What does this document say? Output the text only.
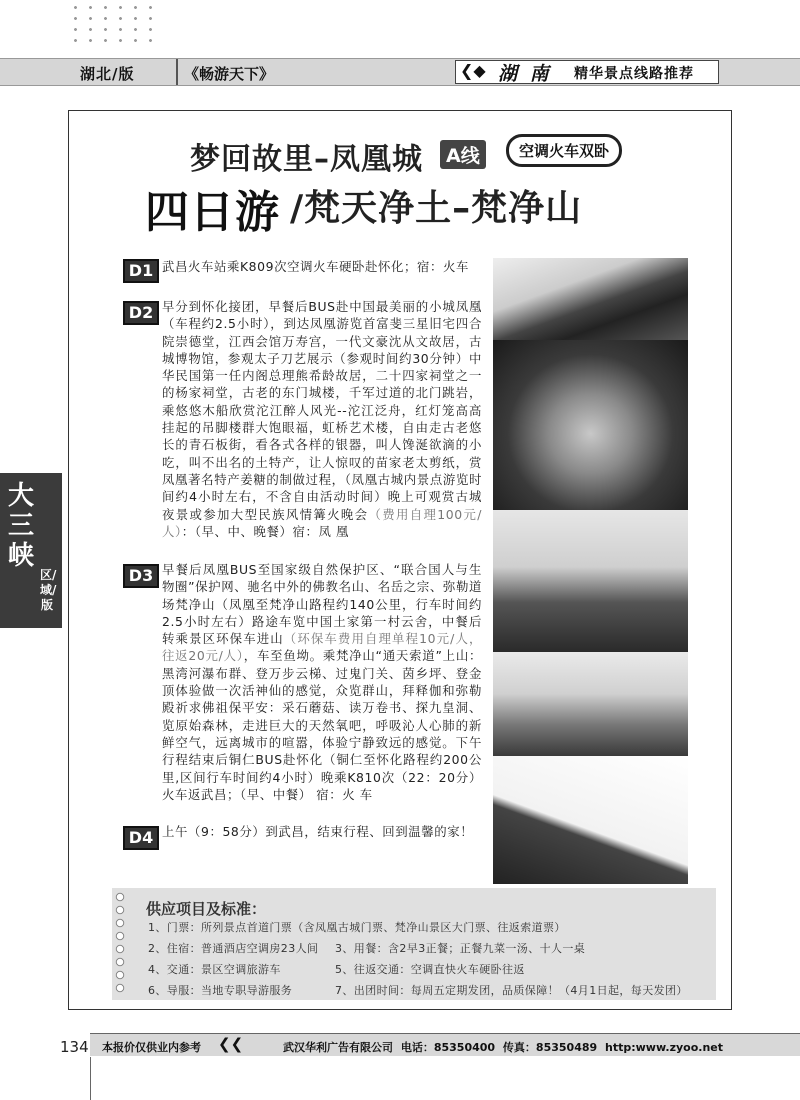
湖北/版	《畅游天下》	❮◆ 湖 南 精华景点线路推荐
梦回故里–凤凰城	A线	空调火车双卧
四日游 /梵天净土–梵净山
D1 武昌火车站乘K809次空调火车硬卧赴怀化；宿：火车
D2 早分到怀化接团，早餐后BUS赴中国最美丽的小城凤凰（车程约2.5小时），到达凤凰游览首富斐三星旧宅四合院崇德堂，江西会馆万寿宫，一代文豪沈从文故居，古城博物馆，参观太子刀艺展示（参观时间约30分钟）中华民国第一任内阁总理熊希龄故居，二十四家祠堂之一的杨家祠堂，古老的东门城楼，千军过道的北门跳岩，乘悠悠木船欣赏沱江醉人风光--沱江泛舟，红灯笼高高挂起的吊脚楼群大饱眼福，虹桥艺术楼，自由走古老悠长的青石板街，看各式各样的银器，叫人馋涎欲滴的小吃，叫不出名的土特产，让人惊叹的苗家老太剪纸，赏凤凰著名特产姜糖的制做过程，（凤凰古城内景点游览时间约4小时左右，不含自由活动时间）晚上可观赏古城夜景或参加大型民族风情篝火晚会（费用自理100元/人）：（早、中、晚餐）宿：凤 凰
D3 早餐后凤凰BUS至国家级自然保护区、“联合国人与生物圈”保护网、驰名中外的佛教名山、名岳之宗、弥勒道场梵净山（凤凰至梵净山路程约140公里，行车时间约2.5小时左右）路途车览中国土家第一村云舍，中餐后转乘景区环保车进山（环保车费用自理单程10元/人，往返20元/人），车至鱼坳。乘梵净山“通天索道”上山：黑湾河瀑布群、登万步云梯、过鬼门关、茵乡坪、登金顶体验做一次活神仙的感觉，众览群山，拜释伽和弥勒殿祈求佛祖保平安：采石蘑菇、读万卷书、探九皇洞、览原始森林，走进巨大的天然氧吧，呼吸沁人心肺的新鲜空气，远离城市的喧嚣，体验宁静致远的感觉。下午行程结束后铜仁BUS赴怀化（铜仁至怀化路程约200公里,区间行车时间约4小时）晚乘K810次（22：20分）火车返武昌；（早、中餐） 宿：火 车
D4 上午（9：58分）到武昌，结束行程、回到温馨的家！
大三峡
区/域/版
供应项目及标准：
1、门票：所列景点首道门票（含凤凰古城门票、梵净山景区大门票、往返索道票）
2、住宿：普通酒店空调房23人间 3、用餐：含2早3正餐；正餐九菜一汤、十人一桌
4、交通：景区空调旅游车	5、往返交通：空调直快火车硬卧往返
6、导服：当地专职导游服务	7、出团时间：每周五定期发团，品质保障！（4月1日起，每天发团）
134 本报价仅供业内参考 ❮❮	武汉华利广告有限公司 电话：85350400 传真：85350489 http:www.zyoo.net
